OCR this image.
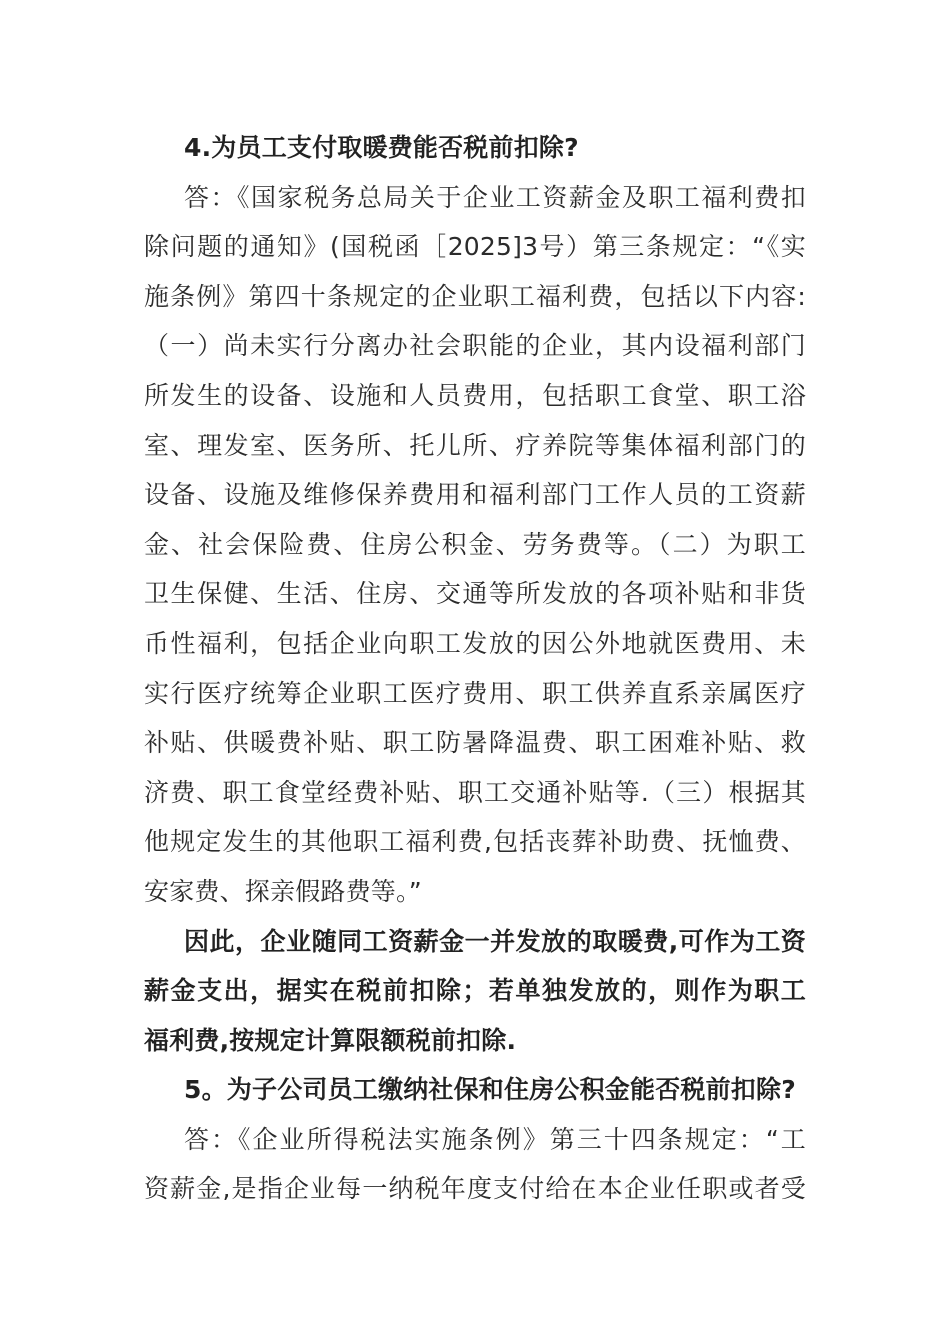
4.为员工支付取暖费能否税前扣除?
答：《国家税务总局关于企业工资薪金及职工福利费扣
除问题的通知》(国税函［2025]3号）第三条规定：“《实
施条例》第四十条规定的企业职工福利费，包括以下内容:
（一）尚未实行分离办社会职能的企业，其内设福利部门
所发生的设备、设施和人员费用，包括职工食堂、职工浴
室、理发室、医务所、托儿所、疗养院等集体福利部门的
设备、设施及维修保养费用和福利部门工作人员的工资薪
金、社会保险费、住房公积金、劳务费等。（二）为职工
卫生保健、生活、住房、交通等所发放的各项补贴和非货
币性福利，包括企业向职工发放的因公外地就医费用、未
实行医疗统筹企业职工医疗费用、职工供养直系亲属医疗
补贴、供暖费补贴、职工防暑降温费、职工困难补贴、救
济费、职工食堂经费补贴、职工交通补贴等.（三）根据其
他规定发生的其他职工福利费,包括丧葬补助费、抚恤费、
安家费、探亲假路费等。”
因此，企业随同工资薪金一并发放的取暖费,可作为工资
薪金支出，据实在税前扣除；若单独发放的，则作为职工
福利费,按规定计算限额税前扣除.
5。为子公司员工缴纳社保和住房公积金能否税前扣除?
答：《企业所得税法实施条例》第三十四条规定：“工
资薪金,是指企业每一纳税年度支付给在本企业任职或者受
